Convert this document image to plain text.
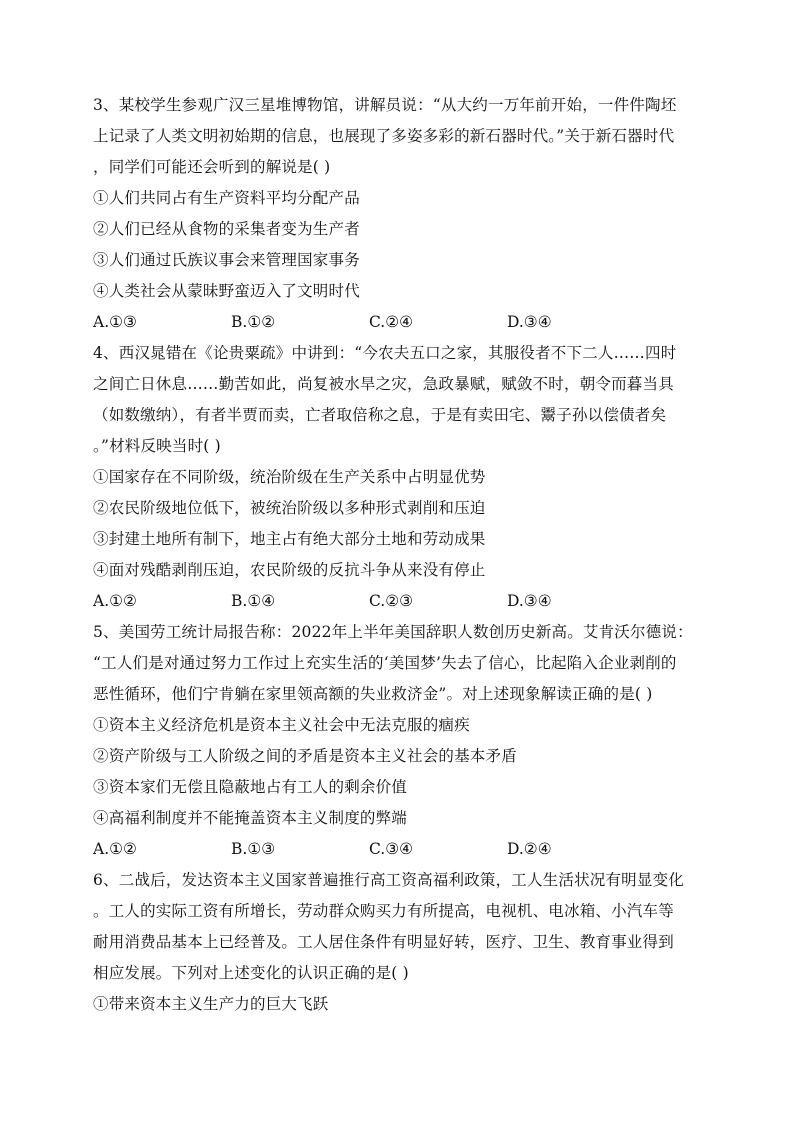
3、某校学生参观广汉三星堆博物馆，讲解员说：“从大约一万年前开始，一件件陶坯
上记录了人类文明初始期的信息，也展现了多姿多彩的新石器时代。”关于新石器时代
，同学们可能还会听到的解说是( )
①人们共同占有生产资料平均分配产品
②人们已经从食物的采集者变为生产者
③人们通过氏族议事会来管理国家事务
④人类社会从蒙昧野蛮迈入了文明时代
A.①③	B.①②	C.②④	D.③④
4、西汉晁错在《论贵粟疏》中讲到：“今农夫五口之家，其服役者不下二人……四时
之间亡日休息……勤苦如此，尚复被水旱之灾，急政暴赋，赋敛不时，朝令而暮当具
（如数缴纳），有者半贾而卖，亡者取倍称之息，于是有卖田宅、鬻子孙以偿债者矣
。”材料反映当时( )
①国家存在不同阶级，统治阶级在生产关系中占明显优势
②农民阶级地位低下，被统治阶级以多种形式剥削和压迫
③封建土地所有制下，地主占有绝大部分土地和劳动成果
④面对残酷剥削压迫，农民阶级的反抗斗争从来没有停止
A.①②	B.①④	C.②③	D.③④
5、美国劳工统计局报告称：2022年上半年美国辞职人数创历史新高。艾肯沃尔德说：
“工人们是对通过努力工作过上充实生活的‘美国梦’失去了信心，比起陷入企业剥削的
恶性循环，他们宁肯躺在家里领高额的失业救济金”。对上述现象解读正确的是( )
①资本主义经济危机是资本主义社会中无法克服的痼疾
②资产阶级与工人阶级之间的矛盾是资本主义社会的基本矛盾
③资本家们无偿且隐蔽地占有工人的剩余价值
④高福利制度并不能掩盖资本主义制度的弊端
A.①②	B.①③	C.③④	D.②④
6、二战后，发达资本主义国家普遍推行高工资高福利政策，工人生活状况有明显变化
。工人的实际工资有所增长，劳动群众购买力有所提高，电视机、电冰箱、小汽车等
耐用消费品基本上已经普及。工人居住条件有明显好转，医疗、卫生、教育事业得到
相应发展。下列对上述变化的认识正确的是( )
①带来资本主义生产力的巨大飞跃
